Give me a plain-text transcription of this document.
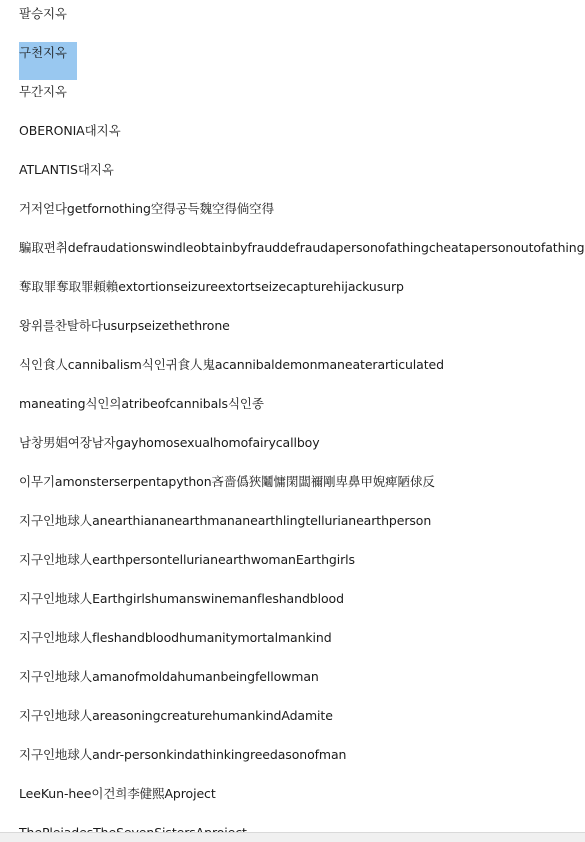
팔승지옥
구천지옥
무간지옥
OBERONIA대지옥
ATLANTIS대지옥
거저얻다getfornothing空得공득魏空得倘空得
騙取편취defraudationswindleobtainbyfrauddefraudapersonofathingcheatapersonoutofathing
奪取罪奪取罪頼賴extortionseizureextortseizecapturehijackusurp
왕위를찬탈하다usurpseizethethrone
식인食人cannibalism식인귀食人鬼acannibaldemonmaneaterarticulated
maneating식인의atribeofcannibals식인종
남창男娼여장남자gayhomosexualhomofairycallboy
이무기amonsterserpentapython吝嗇僞狹鬮慵閑闆禰剛卑鼻甲婗痺陋俅反
지구인地球人anearthiananearthmananearthlingtellurianearthperson
지구인地球人earthpersontellurianearthwomanEarthgirls
지구인地球人Earthgirlshumanswinemanfleshandblood
지구인地球人fleshandbloodhumanitymortalmankind
지구인地球人amanofmoldahumanbeingfellowman
지구인地球人areasoningcreaturehumankindAdamite
지구인地球人andr-personkindathinkingreedasonofman
LeeKun-hee이건희李健熙Aproject
